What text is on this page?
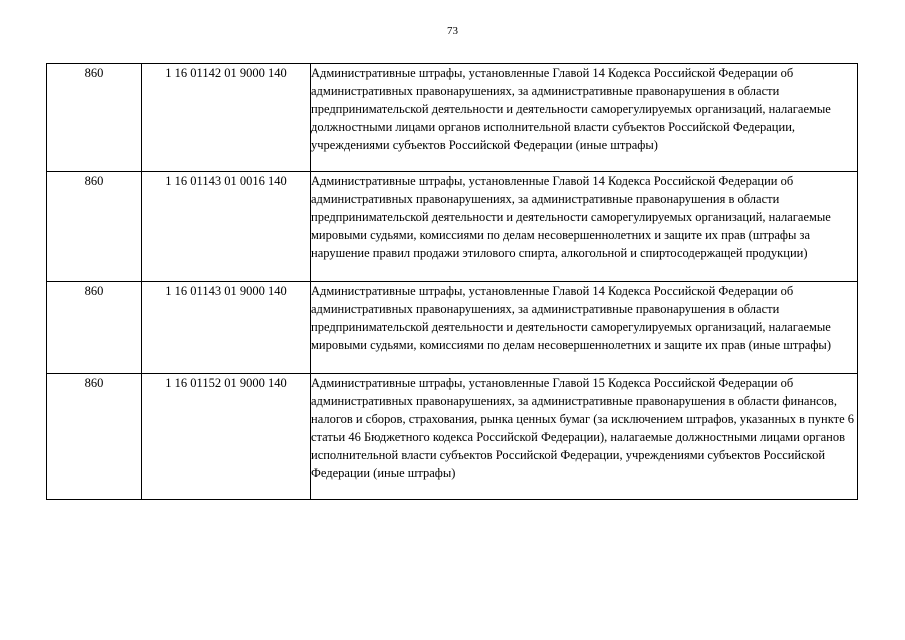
73
860	1 16 01142 01 9000 140	Административные штрафы, установленные Главой 14 Кодекса Российской Федерации об административных правонарушениях, за административные правонарушения в области предпринимательской деятельности и деятельности саморегулируемых организаций, налагаемые должностными лицами органов исполнительной власти субъектов Российской Федерации, учреждениями субъектов Российской Федерации (иные штрафы)
860	1 16 01143 01 0016 140	Административные штрафы, установленные Главой 14 Кодекса Российской Федерации об административных правонарушениях, за административные правонарушения в области предпринимательской деятельности и деятельности саморегулируемых организаций, налагаемые мировыми судьями, комиссиями по делам несовершеннолетних и защите их прав (штрафы за нарушение правил продажи этилового спирта, алкогольной и спиртосодержащей продукции)
860	1 16 01143 01 9000 140	Административные штрафы, установленные Главой 14 Кодекса Российской Федерации об административных правонарушениях, за административные правонарушения в области предпринимательской деятельности и деятельности саморегулируемых организаций, налагаемые мировыми судьями, комиссиями по делам несовершеннолетних и защите их прав (иные штрафы)
860	1 16 01152 01 9000 140	Административные штрафы, установленные Главой 15 Кодекса Российской Федерации об административных правонарушениях, за административные правонарушения в области финансов, налогов и сборов, страхования, рынка ценных бумаг (за исключением штрафов, указанных в пункте 6 статьи 46 Бюджетного кодекса Российской Федерации), налагаемые должностными лицами органов исполнительной власти субъектов Российской Федерации, учреждениями субъектов Российской Федерации (иные штрафы)
